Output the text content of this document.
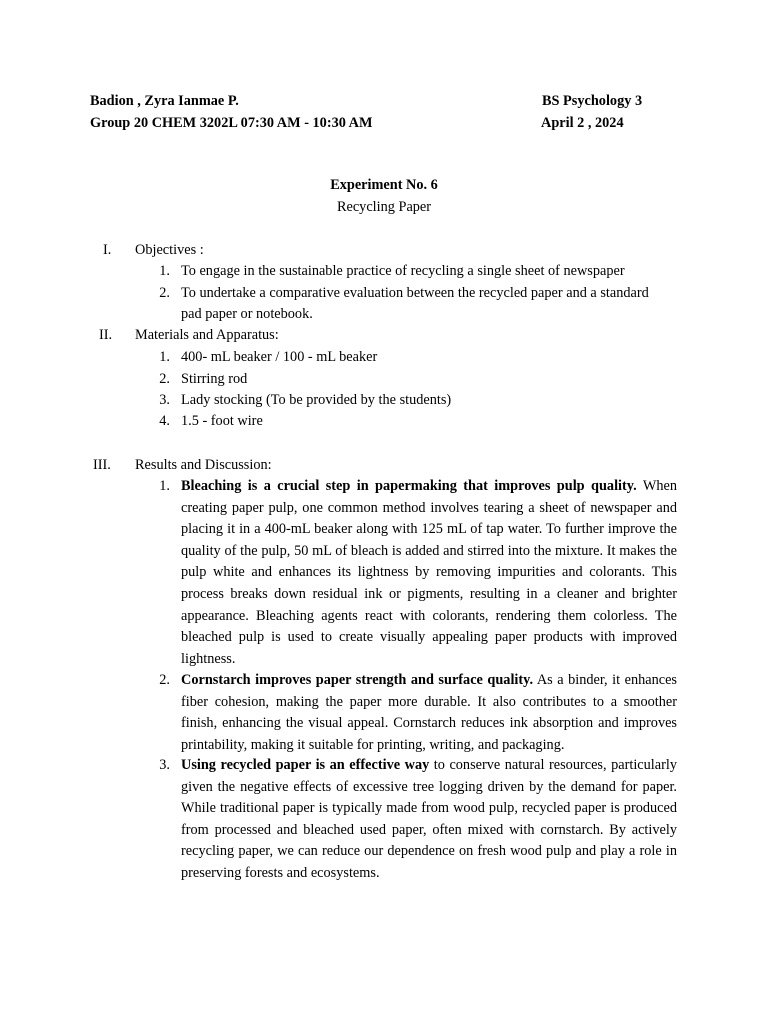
Badion , Zyra Ianmae P.
Group 20 CHEM 3202L 07:30 AM - 10:30 AM
BS Psychology 3
April 2 , 2024
Experiment No. 6
Recycling Paper
I. Objectives :
1. To engage in the sustainable practice of recycling a single sheet of newspaper
2. To undertake a comparative evaluation between the recycled paper and a standard
pad paper or notebook.
II. Materials and Apparatus:
1. 400- mL beaker / 100 - mL beaker
2. Stirring rod
3. Lady stocking (To be provided by the students)
4. 1.5 - foot wire
III. Results and Discussion:
1. Bleaching is a crucial step in papermaking that improves pulp quality. When creating paper pulp, one common method involves tearing a sheet of newspaper and placing it in a 400-mL beaker along with 125 mL of tap water. To further improve the quality of the pulp, 50 mL of bleach is added and stirred into the mixture. It makes the pulp white and enhances its lightness by removing impurities and colorants. This process breaks down residual ink or pigments, resulting in a cleaner and brighter appearance. Bleaching agents react with colorants, rendering them colorless. The bleached pulp is used to create visually appealing paper products with improved lightness.
2. Cornstarch improves paper strength and surface quality. As a binder, it enhances fiber cohesion, making the paper more durable. It also contributes to a smoother finish, enhancing the visual appeal. Cornstarch reduces ink absorption and improves printability, making it suitable for printing, writing, and packaging.
3. Using recycled paper is an effective way to conserve natural resources, particularly given the negative effects of excessive tree logging driven by the demand for paper. While traditional paper is typically made from wood pulp, recycled paper is produced from processed and bleached used paper, often mixed with cornstarch. By actively recycling paper, we can reduce our dependence on fresh wood pulp and play a role in preserving forests and ecosystems.
